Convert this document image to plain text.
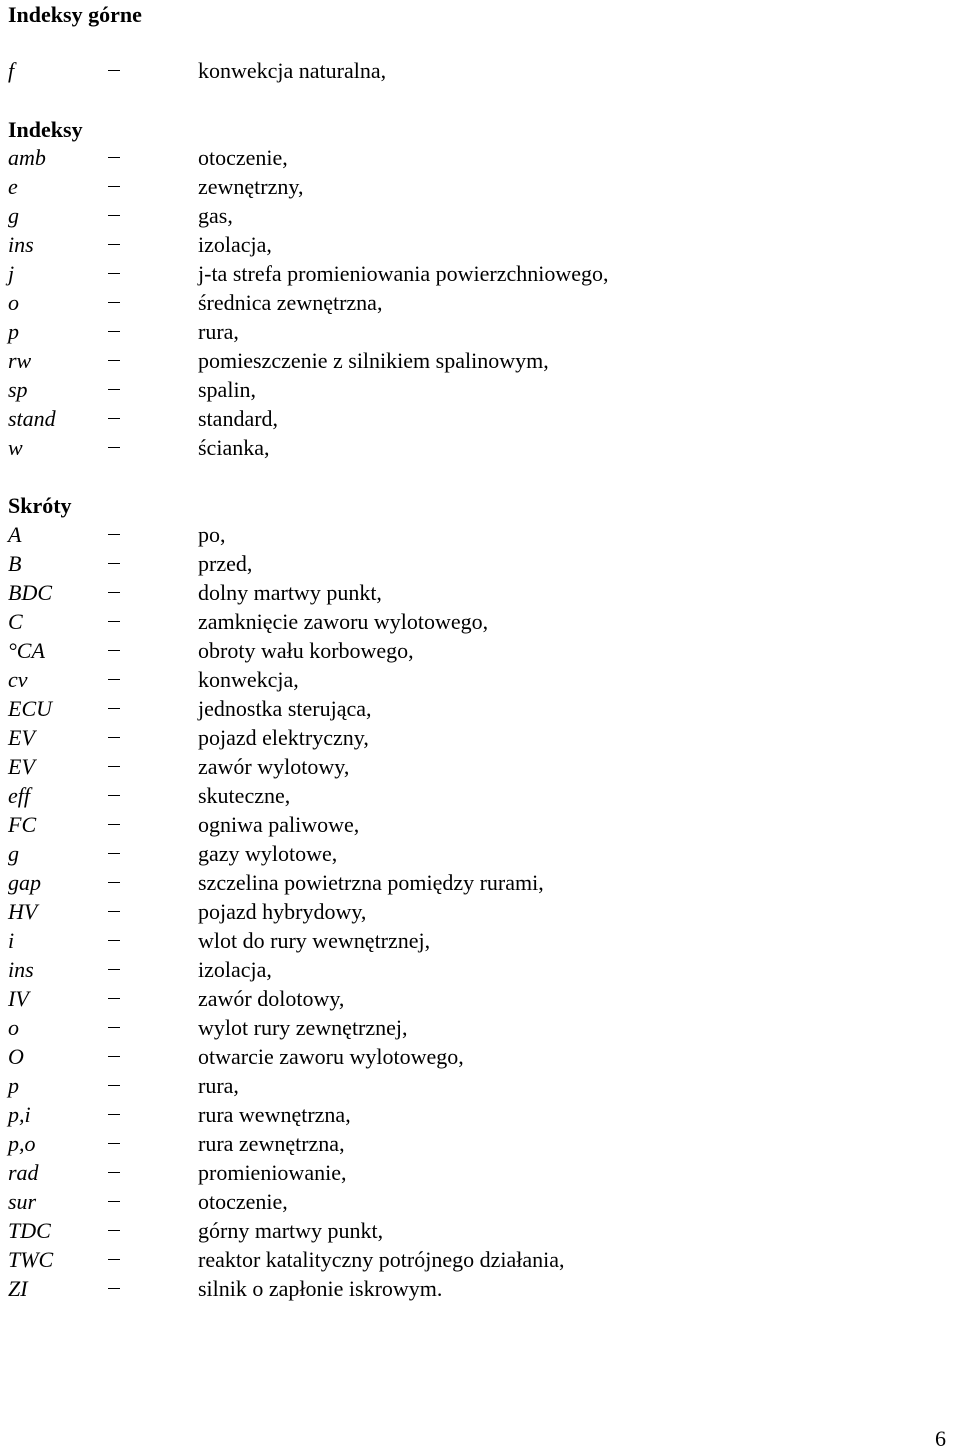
Indeksy górne
f	konwekcja naturalna,
Indeksy
amb	otoczenie,
e	zewnętrzny,
g	gas,
ins	izolacja,
j	j-ta strefa promieniowania powierzchniowego,
o	średnica zewnętrzna,
p	rura,
rw	pomieszczenie z silnikiem spalinowym,
sp	spalin,
stand	standard,
w	ścianka,
Skróty
A	po,
B	przed,
BDC	dolny martwy punkt,
C	zamknięcie zaworu wylotowego,
°CA	obroty wału korbowego,
cv	konwekcja,
ECU	jednostka sterująca,
EV	pojazd elektryczny,
EV	zawór wylotowy,
eff	skuteczne,
FC	ogniwa paliwowe,
g	gazy wylotowe,
gap	szczelina powietrzna pomiędzy rurami,
HV	pojazd hybrydowy,
i	wlot do rury wewnętrznej,
ins	izolacja,
IV	zawór dolotowy,
o	wylot rury zewnętrznej,
O	otwarcie zaworu wylotowego,
p	rura,
p,i	rura wewnętrzna,
p,o	rura zewnętrzna,
rad	promieniowanie,
sur	otoczenie,
TDC	górny martwy punkt,
TWC	reaktor katalityczny potrójnego działania,
ZI	silnik o zapłonie iskrowym.
6
